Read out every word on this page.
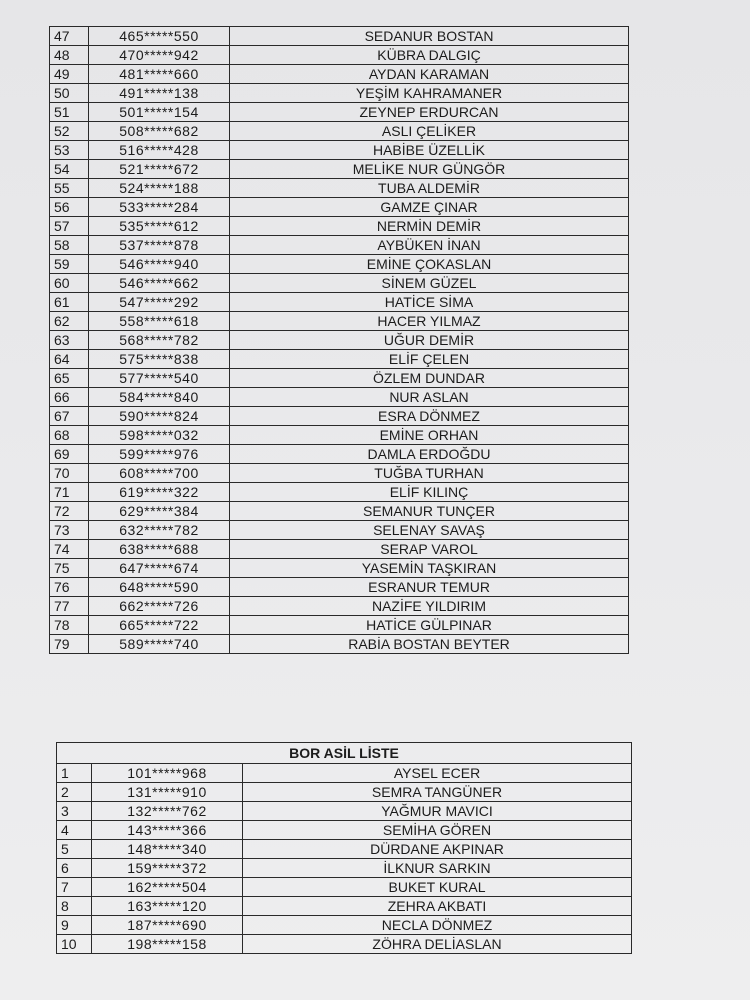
47	465*****550	SEDANUR BOSTAN
48	470*****942	KÜBRA DALGIÇ
49	481*****660	AYDAN KARAMAN
50	491*****138	YEŞİM KAHRAMANER
51	501*****154	ZEYNEP ERDURCAN
52	508*****682	ASLI ÇELİKER
53	516*****428	HABİBE ÜZELLİK
54	521*****672	MELİKE NUR GÜNGÖR
55	524*****188	TUBA ALDEMİR
56	533*****284	GAMZE ÇINAR
57	535*****612	NERMİN DEMİR
58	537*****878	AYBÜKEN İNAN
59	546*****940	EMİNE ÇOKASLAN
60	546*****662	SİNEM GÜZEL
61	547*****292	HATİCE SİMA
62	558*****618	HACER YILMAZ
63	568*****782	UĞUR DEMİR
64	575*****838	ELİF ÇELEN
65	577*****540	ÖZLEM DUNDAR
66	584*****840	NUR ASLAN
67	590*****824	ESRA DÖNMEZ
68	598*****032	EMİNE ORHAN
69	599*****976	DAMLA ERDOĞDU
70	608*****700	TUĞBA TURHAN
71	619*****322	ELİF KILINÇ
72	629*****384	SEMANUR TUNÇER
73	632*****782	SELENAY SAVAŞ
74	638*****688	SERAP VAROL
75	647*****674	YASEMİN TAŞKIRAN
76	648*****590	ESRANUR TEMUR
77	662*****726	NAZİFE YILDIRIM
78	665*****722	HATİCE GÜLPINAR
79	589*****740	RABİA BOSTAN BEYTER
BOR ASİL LİSTE		
1	101*****968	AYSEL ECER
2	131*****910	SEMRA TANGÜNER
3	132*****762	YAĞMUR MAVICI
4	143*****366	SEMİHA GÖREN
5	148*****340	DÜRDANE AKPINAR
6	159*****372	İLKNUR SARKIN
7	162*****504	BUKET KURAL
8	163*****120	ZEHRA AKBATI
9	187*****690	NECLA DÖNMEZ
10	198*****158	ZÖHRA DELİASLAN
